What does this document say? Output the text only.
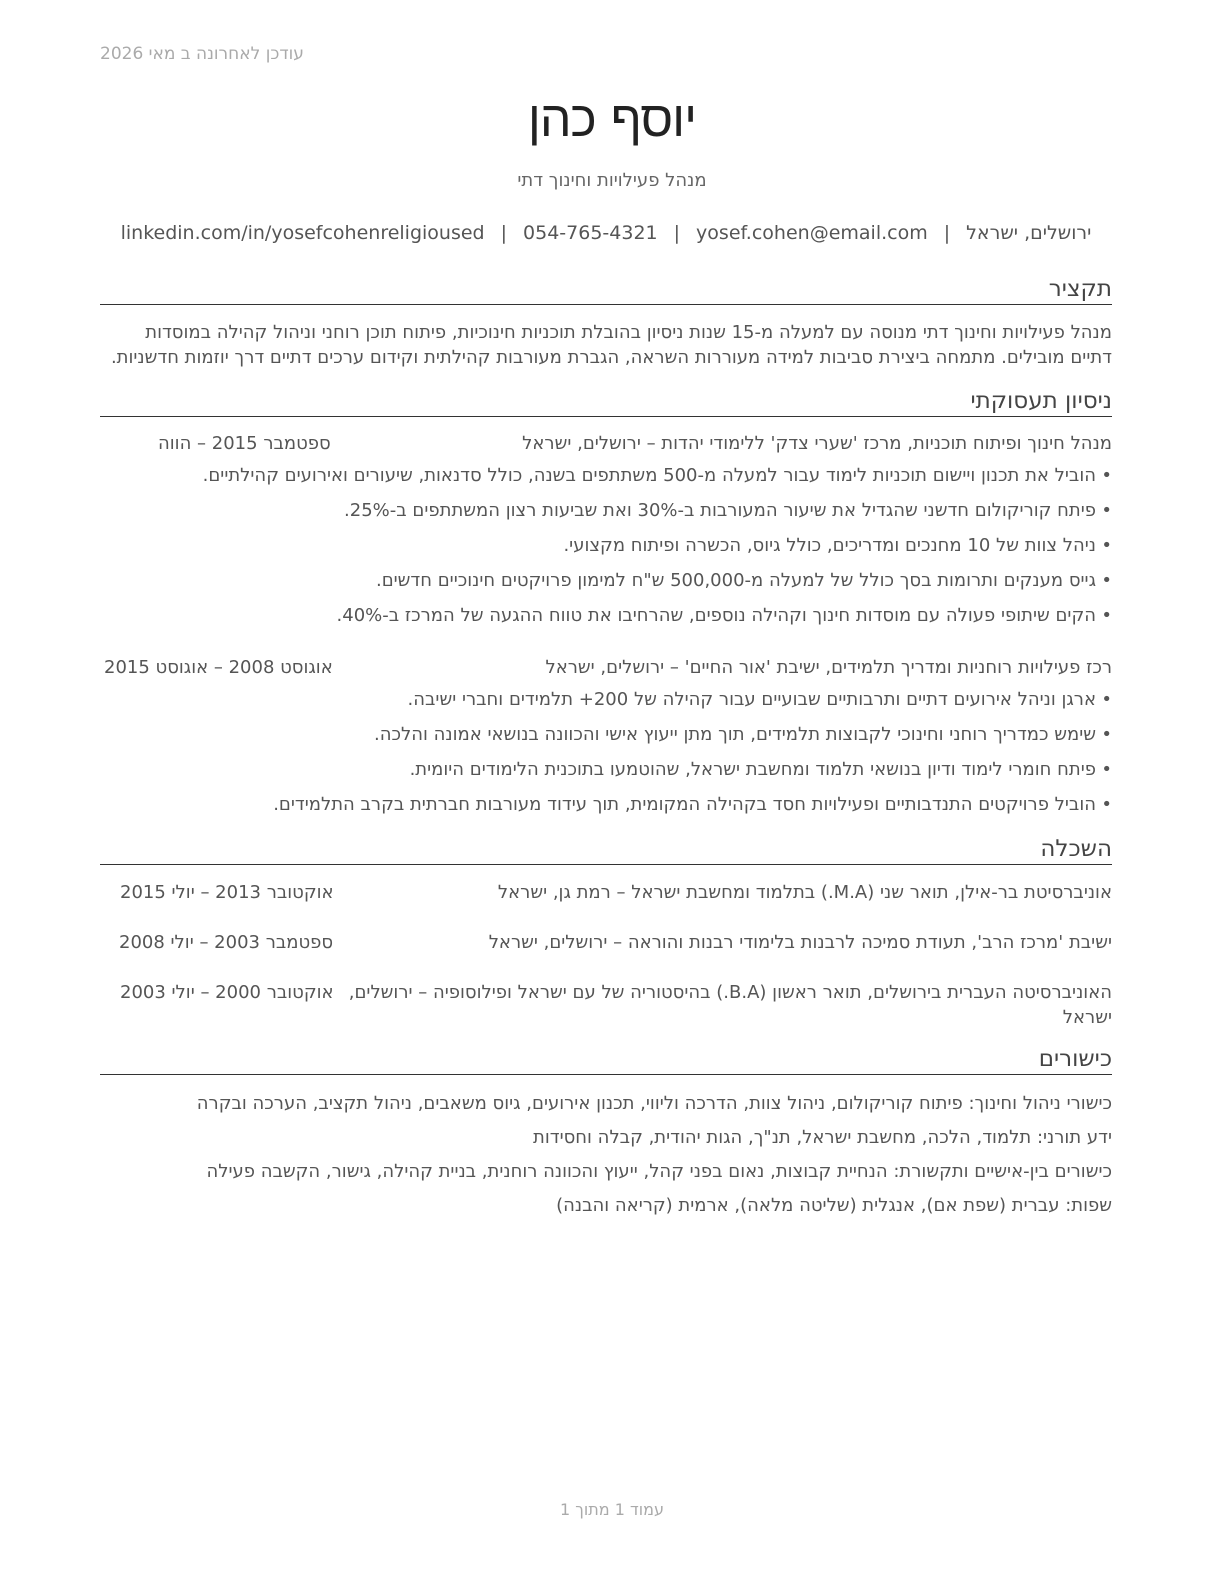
עודכן לאחרונה ב מאי 2026
יוסף כהן
מנהל פעילויות וחינוך דתי
ירושלים, ישראל|yosef.cohen@email.com|054-765-4321|linkedin.com/in/yosefcohenreligioused
תקציר
מנהל פעילויות וחינוך דתי מנוסה עם למעלה מ-15 שנות ניסיון בהובלת תוכניות חינוכיות, פיתוח תוכן רוחני וניהול קהילה במוסדות דתיים מובילים. מתמחה ביצירת סביבות למידה מעוררות השראה, הגברת מעורבות קהילתית וקידום ערכים דתיים דרך יוזמות חדשניות.
ניסיון תעסוקתי
מנהל חינוך ופיתוח תוכניות, מרכז 'שערי צדק' ללימודי יהדות – ירושלים, ישראל
ספטמבר 2015 – הווה
• הוביל את תכנון ויישום תוכניות לימוד עבור למעלה מ-500 משתתפים בשנה, כולל סדנאות, שיעורים ואירועים קהילתיים.
• פיתח קוריקולום חדשני שהגדיל את שיעור המעורבות ב-30% ואת שביעות רצון המשתתפים ב-25%.
• ניהל צוות של 10 מחנכים ומדריכים, כולל גיוס, הכשרה ופיתוח מקצועי.
• גייס מענקים ותרומות בסך כולל של למעלה מ-500,000 ש"ח למימון פרויקטים חינוכיים חדשים.
• הקים שיתופי פעולה עם מוסדות חינוך וקהילה נוספים, שהרחיבו את טווח ההגעה של המרכז ב-40%.
רכז פעילויות רוחניות ומדריך תלמידים, ישיבת 'אור החיים' – ירושלים, ישראל
אוגוסט 2008 – אוגוסט 2015
• ארגן וניהל אירועים דתיים ותרבותיים שבועיים עבור קהילה של 200+ תלמידים וחברי ישיבה.
• שימש כמדריך רוחני וחינוכי לקבוצות תלמידים, תוך מתן ייעוץ אישי והכוונה בנושאי אמונה והלכה.
• פיתח חומרי לימוד ודיון בנושאי תלמוד ומחשבת ישראל, שהוטמעו בתוכנית הלימודים היומית.
• הוביל פרויקטים התנדבותיים ופעילויות חסד בקהילה המקומית, תוך עידוד מעורבות חברתית בקרב התלמידים.
השכלה
אוניברסיטת בר-אילן, תואר שני (M.A.) בתלמוד ומחשבת ישראל – רמת גן, ישראל
אוקטובר 2013 – יולי 2015
ישיבת 'מרכז הרב', תעודת סמיכה לרבנות בלימודי רבנות והוראה – ירושלים, ישראל
ספטמבר 2003 – יולי 2008
האוניברסיטה העברית בירושלים, תואר ראשון (B.A.) בהיסטוריה של עם ישראל ופילוסופיה – ירושלים, ישראל
אוקטובר 2000 – יולי 2003
כישורים
כישורי ניהול וחינוך: פיתוח קוריקולום, ניהול צוות, הדרכה וליווי, תכנון אירועים, גיוס משאבים, ניהול תקציב, הערכה ובקרה
ידע תורני: תלמוד, הלכה, מחשבת ישראל, תנ"ך, הגות יהודית, קבלה וחסידות
כישורים בין-אישיים ותקשורת: הנחיית קבוצות, נאום בפני קהל, ייעוץ והכוונה רוחנית, בניית קהילה, גישור, הקשבה פעילה
שפות: עברית (שפת אם), אנגלית (שליטה מלאה), ארמית (קריאה והבנה)
עמוד 1 מתוך 1
